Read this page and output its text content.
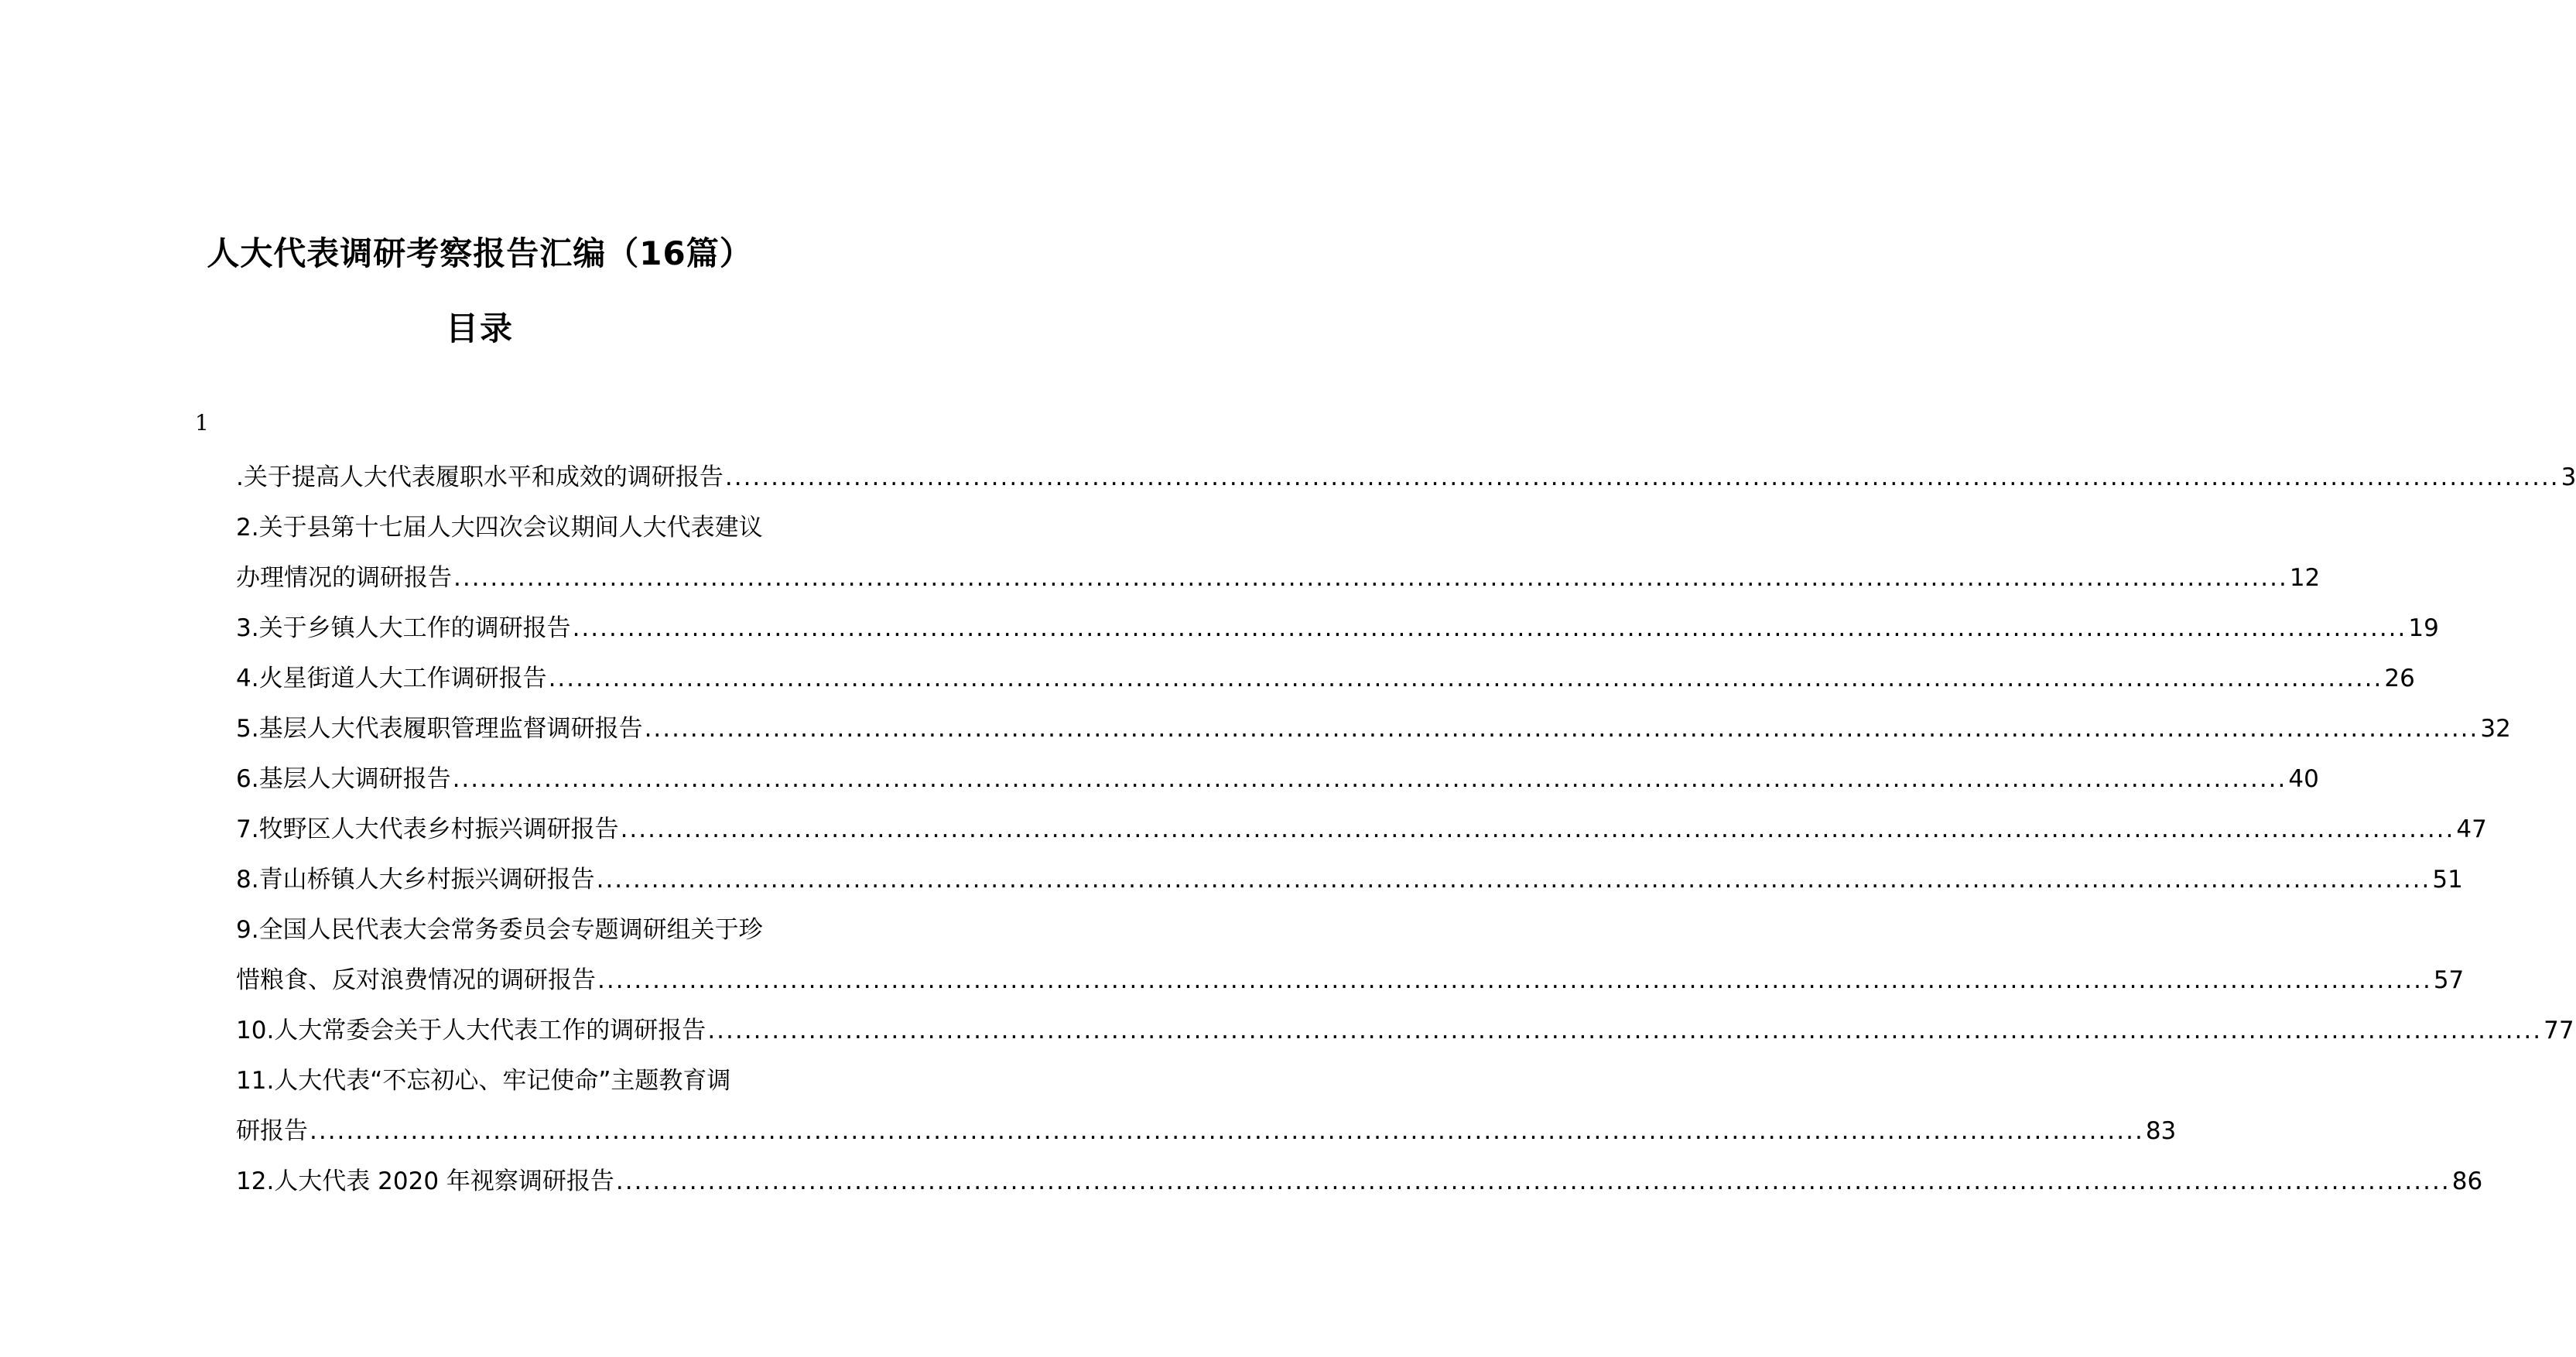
人大代表调研考察报告汇编（16篇）
目录
1
.关于提高人大代表履职水平和成效的调研报告 ........................................................................................................................................................................................................ 3
2.关于县第十七届人大四次会议期间人大代表建议
办理情况的调研报告 ........................................................................................................................................................................................................ 12
3.关于乡镇人大工作的调研报告 ........................................................................................................................................................................................................ 19
4.火星街道人大工作调研报告 ........................................................................................................................................................................................................ 26
5.基层人大代表履职管理监督调研报告 ........................................................................................................................................................................................................ 32
6.基层人大调研报告 ........................................................................................................................................................................................................ 40
7.牧野区人大代表乡村振兴调研报告 ........................................................................................................................................................................................................ 47
8.青山桥镇人大乡村振兴调研报告 ........................................................................................................................................................................................................ 51
9.全国人民代表大会常务委员会专题调研组关于珍
惜粮食、反对浪费情况的调研报告 ........................................................................................................................................................................................................ 57
10.人大常委会关于人大代表工作的调研报告 ........................................................................................................................................................................................................ 77
11.人大代表“不忘初心、牢记使命”主题教育调
研报告 ........................................................................................................................................................................................................ 83
12.人大代表 2020 年视察调研报告 ........................................................................................................................................................................................................ 86
